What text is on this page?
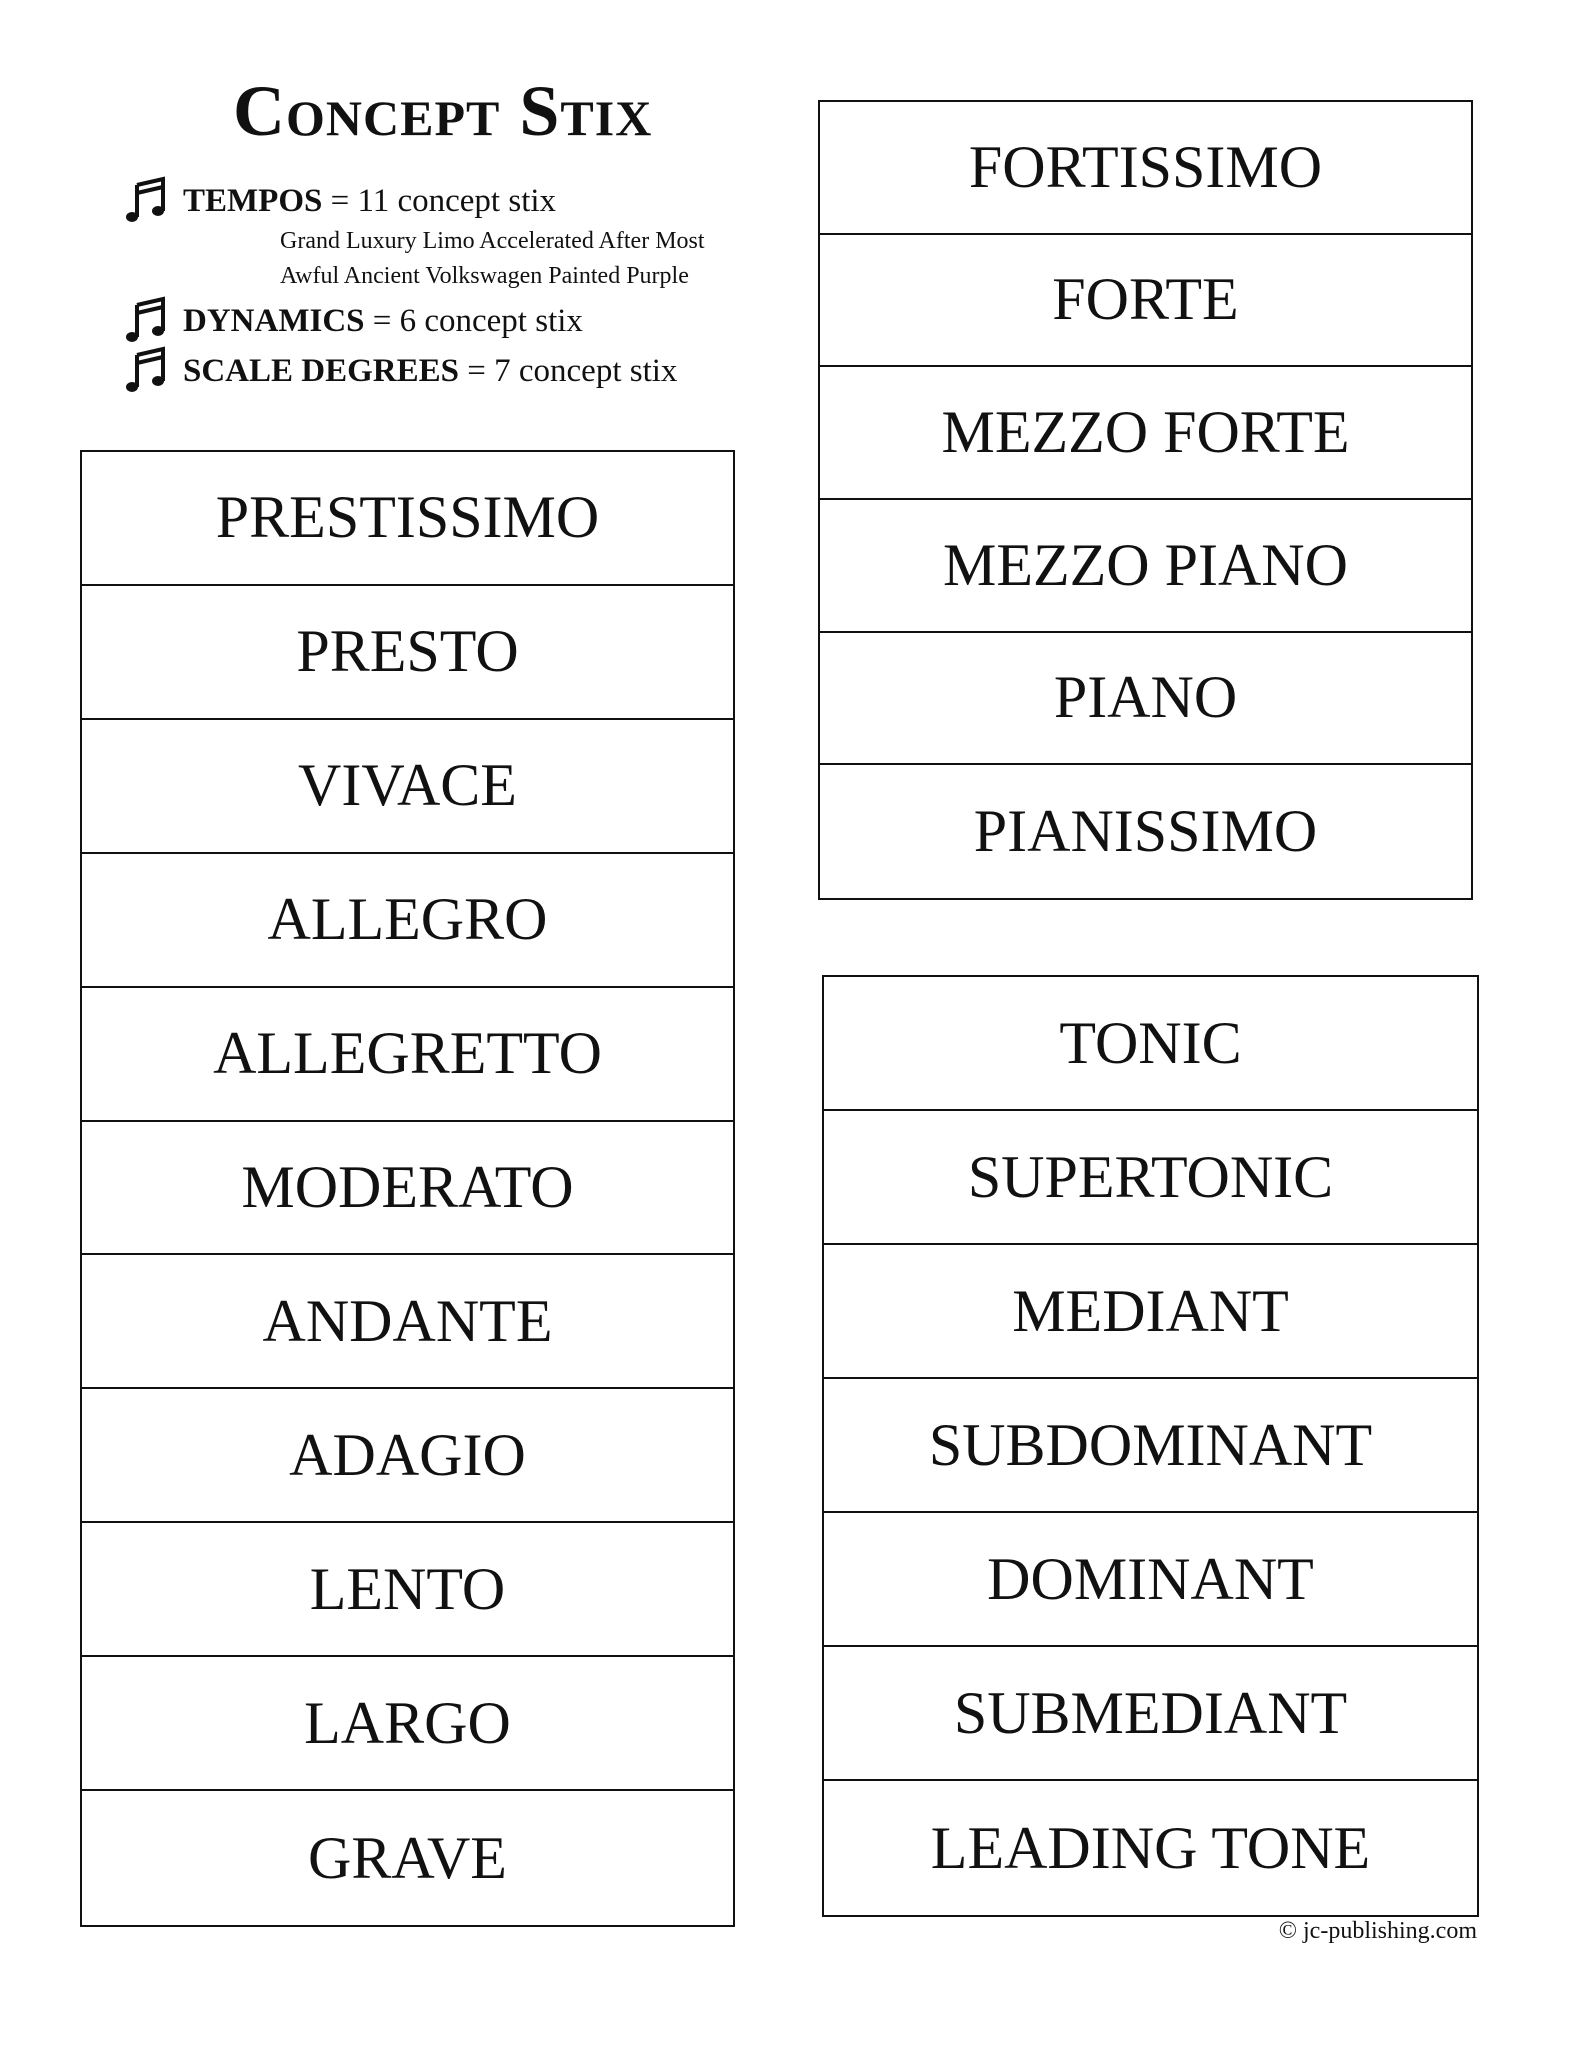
Concept Stix
TEMPOS = 11 concept stix
Grand Luxury Limo Accelerated After Most
Awful Ancient Volkswagen Painted Purple
DYNAMICS = 6 concept stix
SCALE DEGREES = 7 concept stix
PRESTISSIMO
PRESTO
VIVACE
ALLEGRO
ALLEGRETTO
MODERATO
ANDANTE
ADAGIO
LENTO
LARGO
GRAVE
FORTISSIMO
FORTE
MEZZO FORTE
MEZZO PIANO
PIANO
PIANISSIMO
TONIC
SUPERTONIC
MEDIANT
SUBDOMINANT
DOMINANT
SUBMEDIANT
LEADING TONE
© jc-publishing.com
